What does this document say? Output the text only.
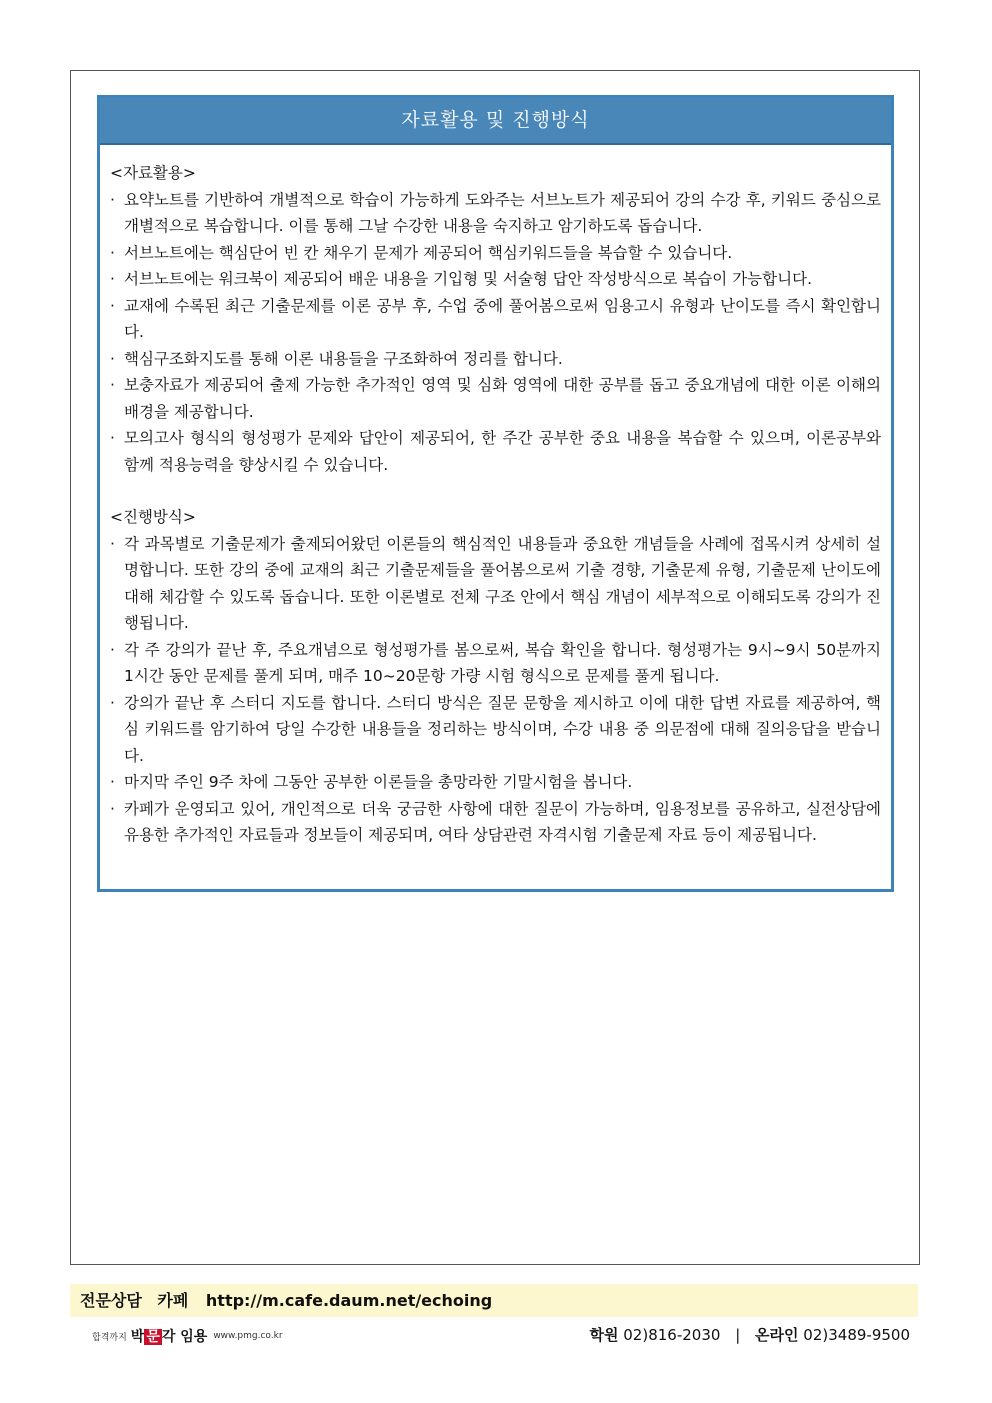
자료활용 및 진행방식

<자료활용>

· 요약노트를 기반하여 개별적으로 학습이 가능하게 도와주는 서브노트가 제공되어 강의 수강 후, 키워드 중심으로 개별적으로 복습합니다. 이를 통해 그날 수강한 내용을 숙지하고 암기하도록 돕습니다.
· 서브노트에는 핵심단어 빈 칸 채우기 문제가 제공되어 핵심키워드들을 복습할 수 있습니다.
· 서브노트에는 워크북이 제공되어 배운 내용을 기입형 및 서술형 답안 작성방식으로 복습이 가능합니다.
· 교재에 수록된 최근 기출문제를 이론 공부 후, 수업 중에 풀어봄으로써 임용고시 유형과 난이도를 즉시 확인합니다.
· 핵심구조화지도를 통해 이론 내용들을 구조화하여 정리를 합니다.
· 보충자료가 제공되어 출제 가능한 추가적인 영역 및 심화 영역에 대한 공부를 돕고 중요개념에 대한 이론 이해의 배경을 제공합니다.
· 모의고사 형식의 형성평가 문제와 답안이 제공되어, 한 주간 공부한 중요 내용을 복습할 수 있으며, 이론공부와 함께 적용능력을 향상시킬 수 있습니다.

<진행방식>

· 각 과목별로 기출문제가 출제되어왔던 이론들의 핵심적인 내용들과 중요한 개념들을 사례에 접목시켜 상세히 설명합니다. 또한 강의 중에 교재의 최근 기출문제들을 풀어봄으로써 기출 경향, 기출문제 유형, 기출문제 난이도에 대해 체감할 수 있도록 돕습니다. 또한 이론별로 전체 구조 안에서 핵심 개념이 세부적으로 이해되도록 강의가 진행됩니다.
· 각 주 강의가 끝난 후, 주요개념으로 형성평가를 봄으로써, 복습 확인을 합니다. 형성평가는 9시~9시 50분까지 1시간 동안 문제를 풀게 되며, 매주 10~20문항 가량 시험 형식으로 문제를 풀게 됩니다.
· 강의가 끝난 후 스터디 지도를 합니다. 스터디 방식은 질문 문항을 제시하고 이에 대한 답변 자료를 제공하여, 핵심 키워드를 암기하여 당일 수강한 내용들을 정리하는 방식이며, 수강 내용 중 의문점에 대해 질의응답을 받습니다.
· 마지막 주인 9주 차에 그동안 공부한 이론들을 총망라한 기말시험을 봅니다.
· 카페가 운영되고 있어, 개인적으로 더욱 궁금한 사항에 대한 질문이 가능하며, 임용정보를 공유하고, 실전상담에 유용한 추가적인 자료들과 정보들이 제공되며, 여타 상담관련 자격시험 기출문제 자료 등이 제공됩니다.
전문상담 카페 http://m.cafe.daum.net/echoing
합격까지 박 문 각 임용 www.pmg.co.kr	학원 02)816-2030 | 온라인 02)3489-9500
